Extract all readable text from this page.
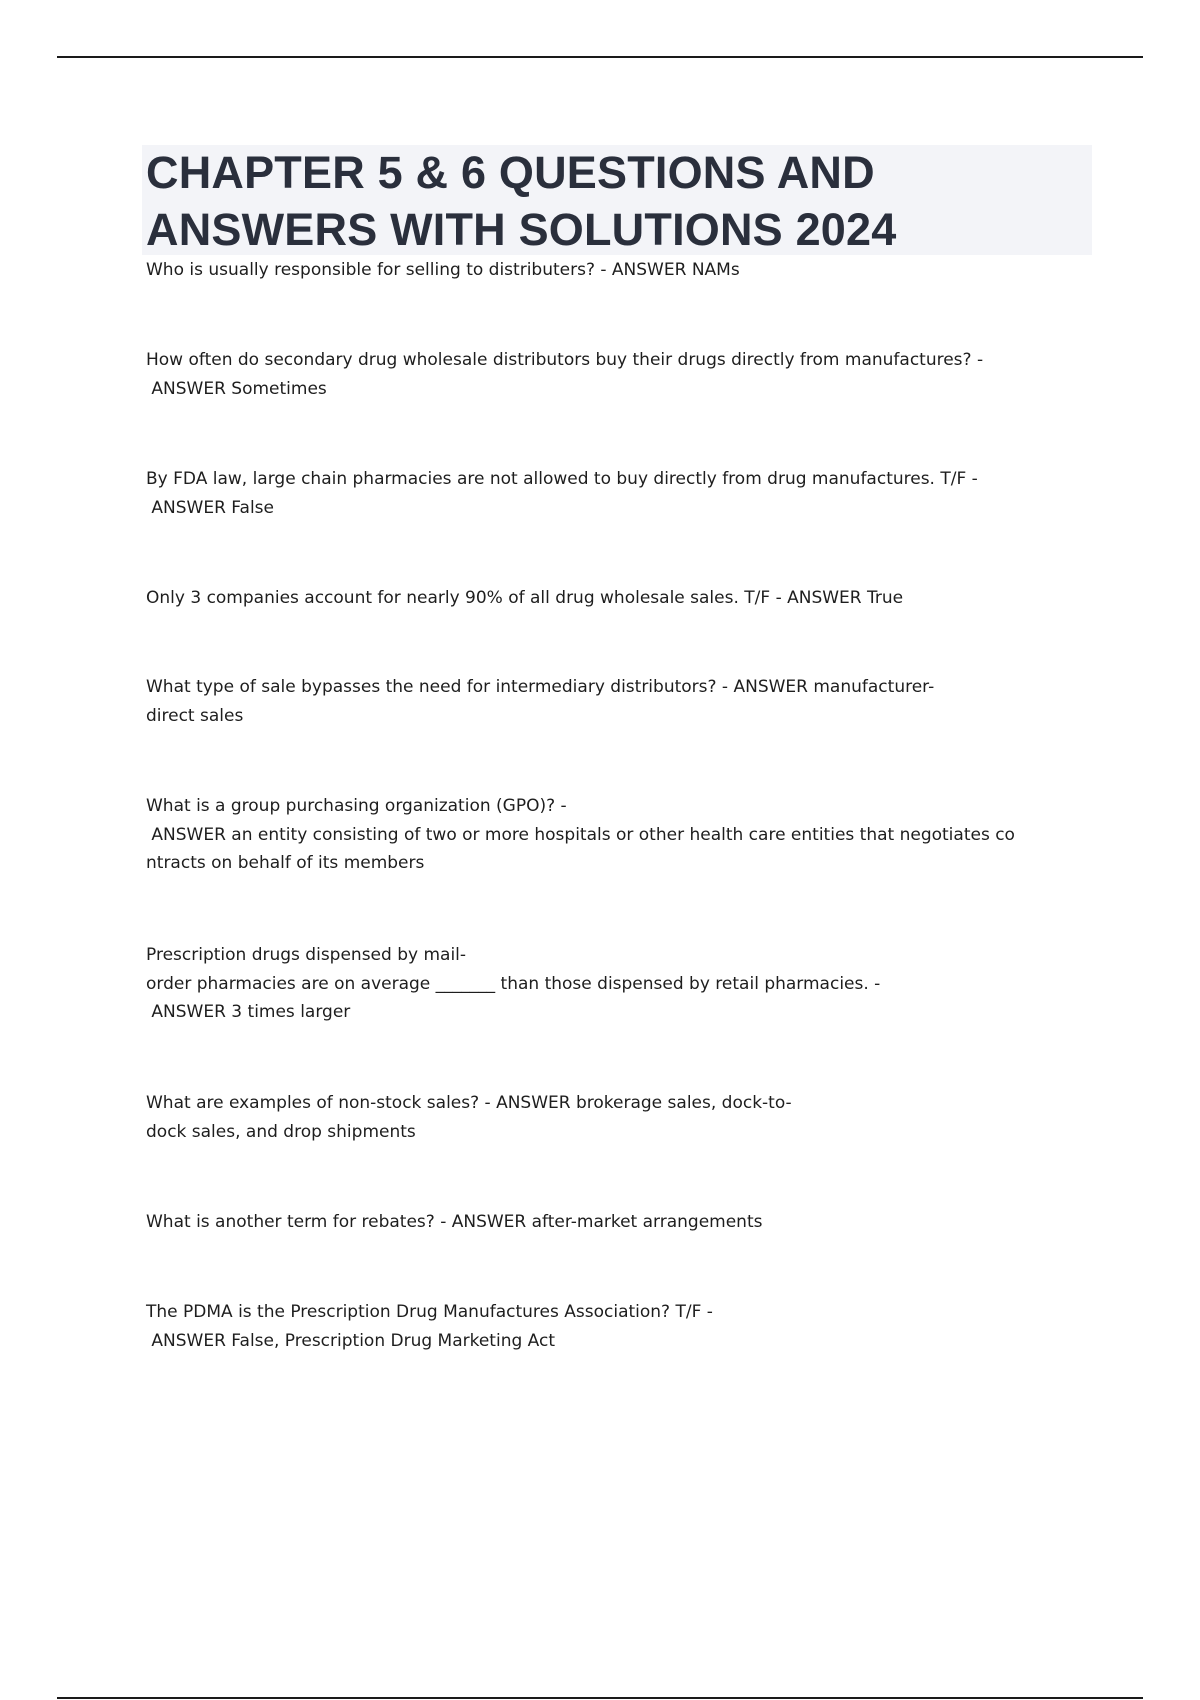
CHAPTER 5 & 6 QUESTIONS AND
ANSWERS WITH SOLUTIONS 2024
Who is usually responsible for selling to distributers? - ANSWER NAMs
How often do secondary drug wholesale distributors buy their drugs directly from manufactures? -
ANSWER Sometimes
By FDA law, large chain pharmacies are not allowed to buy directly from drug manufactures. T/F -
ANSWER False
Only 3 companies account for nearly 90% of all drug wholesale sales. T/F - ANSWER True
What type of sale bypasses the need for intermediary distributors? - ANSWER manufacturer-
direct sales
What is a group purchasing organization (GPO)? -
ANSWER an entity consisting of two or more hospitals or other health care entities that negotiates co
ntracts on behalf of its members
Prescription drugs dispensed by mail-
order pharmacies are on average _______ than those dispensed by retail pharmacies. -
ANSWER 3 times larger
What are examples of non-stock sales? - ANSWER brokerage sales, dock-to-
dock sales, and drop shipments
What is another term for rebates? - ANSWER after-market arrangements
The PDMA is the Prescription Drug Manufactures Association? T/F -
ANSWER False, Prescription Drug Marketing Act
